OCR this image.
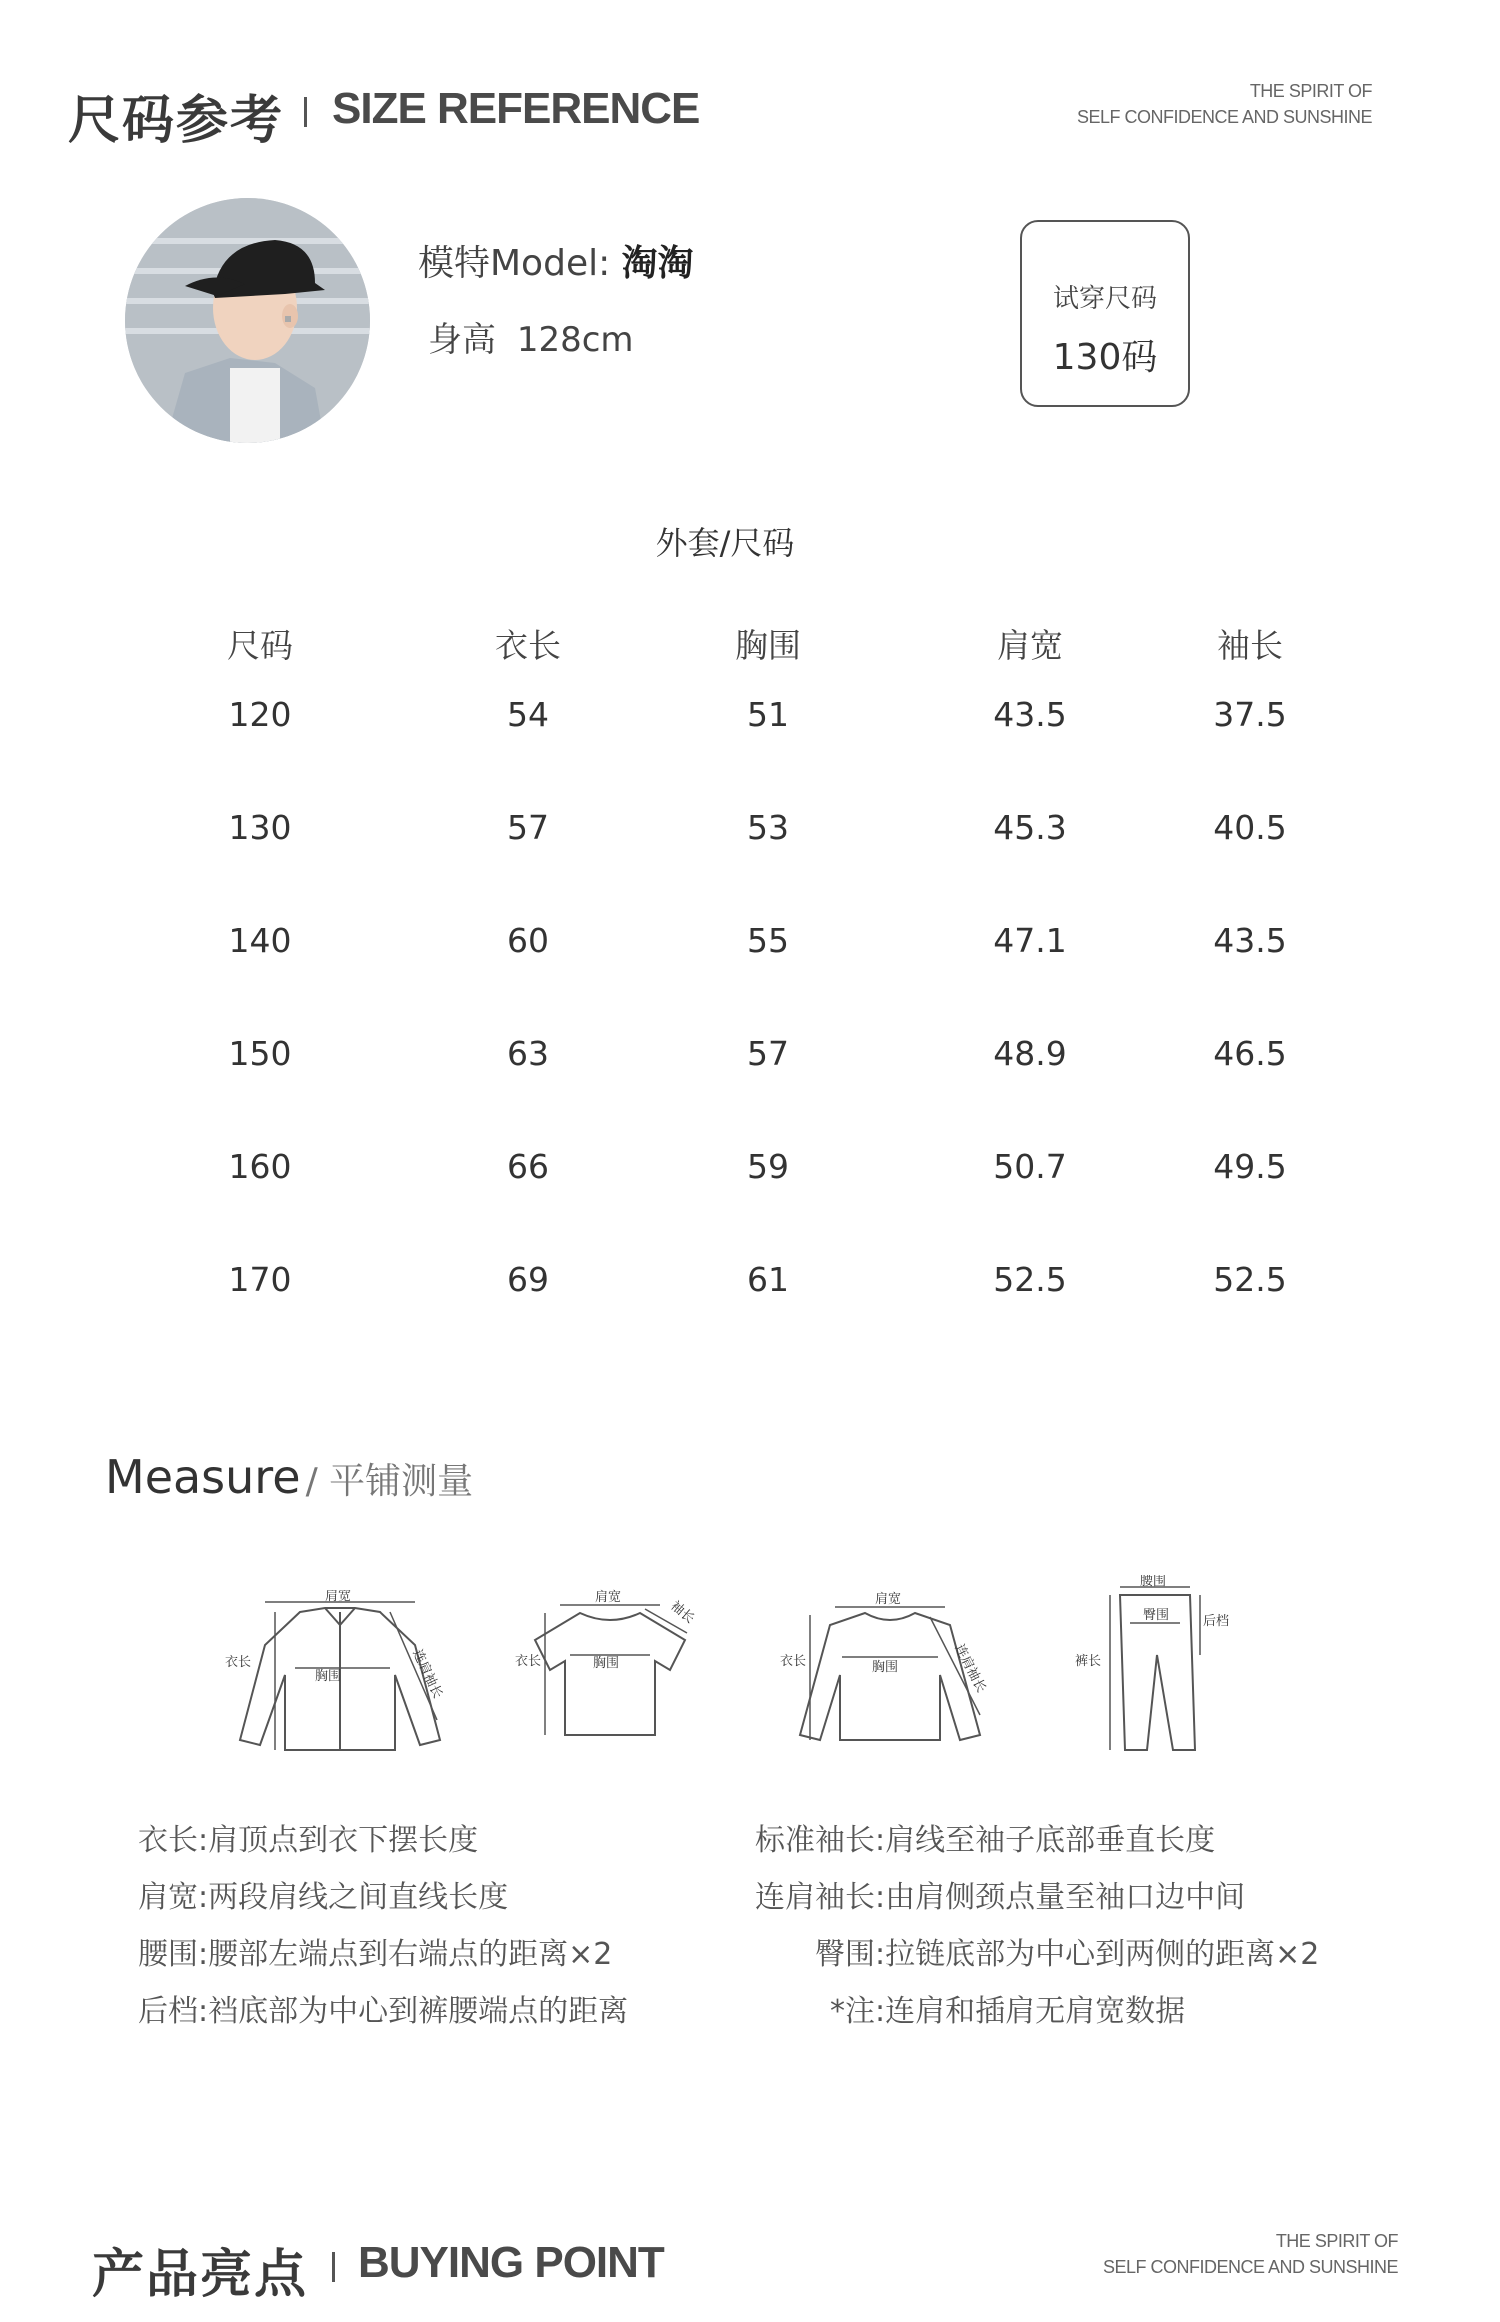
尺码参考 SIZE REFERENCE	THE SPIRIT OF
SELF CONFIDENCE AND SUNSHINE
模特Model: 淘淘
身高 128cm
试穿尺码
130码
外套/尺码
尺码	衣长	胸围	肩宽	袖长
120	54	51	43.5	37.5
130	57	53	45.3	40.5
140	60	55	47.1	43.5
150	63	57	48.9	46.5
160	66	59	50.7	49.5
170	69	61	52.5	52.5
Measure / 平铺测量
肩宽
衣长
胸围	连肩袖长
肩宽
衣长	胸围
袖长	肩宽
衣长	胸围	连肩袖长
腰围
臀围
裤长
后档
衣长:肩顶点到衣下摆长度
肩宽:两段肩线之间直线长度
腰围:腰部左端点到右端点的距离×2
后档:裆底部为中心到裤腰端点的距离
标准袖长:肩线至袖子底部垂直长度
连肩袖长:由肩侧颈点量至袖口边中间
臀围:拉链底部为中心到两侧的距离×2
*注:连肩和插肩无肩宽数据
产品亮点 BUYING POINT	THE SPIRIT OF
SELF CONFIDENCE AND SUNSHINE
